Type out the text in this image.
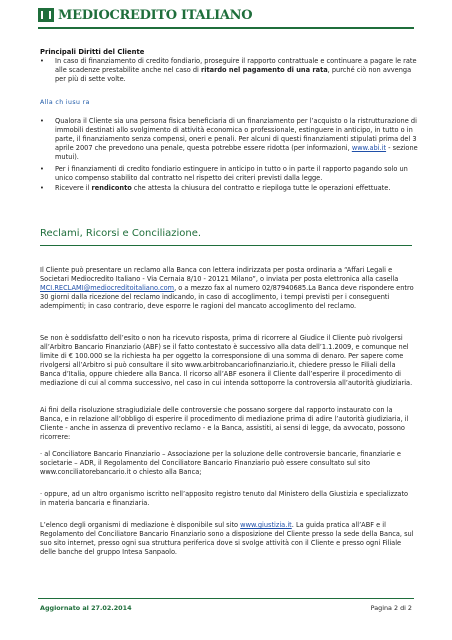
MEDIOCREDITO ITALIANO
Principali Diritti del Cliente
• In caso di finanziamento di credito fondiario, proseguire il rapporto contrattuale e continuare a pagare le rate alle scadenze prestabilite anche nel caso di ritardo nel pagamento di una rata, purché ciò non avvenga per più di sette volte.
Alla ch iusu ra
• Qualora il Cliente sia una persona fisica beneficiaria di un finanziamento per l’acquisto o la ristrutturazione di immobili destinati allo svolgimento di attività economica o professionale, estinguere in anticipo, in tutto o in parte, il finanziamento senza compensi, oneri e penali. Per alcuni di questi finanziamenti stipulati prima del 3 aprile 2007 che prevedono una penale, questa potrebbe essere ridotta (per informazioni, www.abi.it - sezione mutui).
• Per i finanziamenti di credito fondiario estinguere in anticipo in tutto o in parte il rapporto pagando solo un unico compenso stabilito dal contratto nel rispetto dei criteri previsti dalla legge.
• Ricevere il rendiconto che attesta la chiusura del contratto e riepiloga tutte le operazioni effettuate.
Reclami, Ricorsi e Conciliazione.
Il Cliente può presentare un reclamo alla Banca con lettera indirizzata per posta ordinaria a “Affari Legali e Societari Mediocredito Italiano - Via Cernaia 8/10 - 20121 Milano”, o inviata per posta elettronica alla casella MCI.RECLAMI@mediocreditoitaliano.com, o a mezzo fax al numero 02/87940685.La Banca deve rispondere entro 30 giorni dalla ricezione del reclamo indicando, in caso di accoglimento, i tempi previsti per i conseguenti adempimenti; in caso contrario, deve esporre le ragioni del mancato accoglimento del reclamo.
Se non è soddisfatto dell’esito o non ha ricevuto risposta, prima di ricorrere al Giudice il Cliente può rivolgersi all’Arbitro Bancario Finanziario (ABF) se il fatto contestato è successivo alla data dell’1.1.2009, e comunque nel limite di € 100.000 se la richiesta ha per oggetto la corresponsione di una somma di denaro. Per sapere come rivolgersi all’Arbitro si può consultare il sito www.arbitrobancariofinanziario.it, chiedere presso le Filiali della Banca d’Italia, oppure chiedere alla Banca. Il ricorso all’ABF esonera il Cliente dall’esperire il procedimento di mediazione di cui al comma successivo, nel caso in cui intenda sottoporre la controversia all’autorità giudiziaria.
Ai fini della risoluzione stragiudiziale delle controversie che possano sorgere dal rapporto instaurato con la Banca, e in relazione all’obbligo di esperire il procedimento di mediazione prima di adire l’autorità giudiziaria, il Cliente - anche in assenza di preventivo reclamo - e la Banca, assistiti, ai sensi di legge, da avvocato, possono ricorrere:
· al Conciliatore Bancario Finanziario – Associazione per la soluzione delle controversie bancarie, finanziarie e societarie – ADR, il Regolamento del Conciliatore Bancario Finanziario può essere consultato sul sito www.conciliatorebancario.it o chiesto alla Banca;
· oppure, ad un altro organismo iscritto nell’apposito registro tenuto dal Ministero della Giustizia e specializzato in materia bancaria e finanziaria.
L’elenco degli organismi di mediazione è disponibile sul sito www.giustizia.it. La guida pratica all’ABF e il Regolamento del Conciliatore Bancario Finanziario sono a disposizione del Cliente presso la sede della Banca, sul suo sito internet, presso ogni sua struttura periferica dove si svolge attività con il Cliente e presso ogni Filiale delle banche del gruppo Intesa Sanpaolo.
Aggiornato al 27.02.2014	Pagina 2 di 2
